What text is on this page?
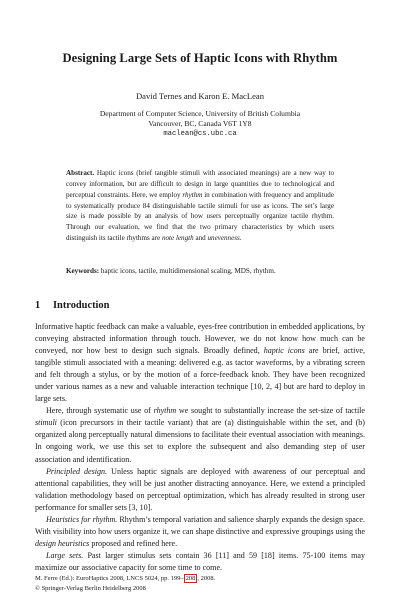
Designing Large Sets of Haptic Icons with Rhythm
David Ternes and Karon E. MacLean
Department of Computer Science, University of British Columbia
Vancouver, BC, Canada V6T 1Y8
maclean@cs.ubc.ca
Abstract. Haptic icons (brief tangible stimuli with associated meanings) are a new way to convey information, but are difficult to design in large quantities due to technological and perceptual constraints. Here, we employ rhythm in combination with frequency and amplitude to systematically produce 84 distinguishable tactile stimuli for use as icons. The set’s large size is made possible by an analysis of how users perceptually organize tactile rhythm. Through our evaluation, we find that the two primary characteristics by which users distinguish its tactile rhythms are note length and unevenness.
Keywords: haptic icons, tactile, multidimensional scaling, MDS, rhythm.
1 Introduction

Informative haptic feedback can make a valuable, eyes-free contribution in embedded applications, by conveying abstracted information through touch. However, we do not know how much can be conveyed, nor how best to design such signals. Broadly defined, haptic icons are brief, active, tangible stimuli associated with a meaning: delivered e.g. as tactor waveforms, by a vibrating screen and felt through a stylus, or by the motion of a force-feedback knob. They have been recognized under various names as a new and valuable interaction technique [10, 2, 4] but are hard to deploy in large sets.

Here, through systematic use of rhythm we sought to substantially increase the set-size of tactile stimuli (icon precursors in their tactile variant) that are (a) distinguishable within the set, and (b) organized along perceptually natural dimensions to facilitate their eventual association with meanings. In ongoing work, we use this set to explore the subsequent and also demanding step of user association and identification.

Principled design. Unless haptic signals are deployed with awareness of our perceptual and attentional capabilities, they will be just another distracting annoyance. Here, we extend a principled validation methodology based on perceptual optimization, which has already resulted in strong user performance for smaller sets [3, 10].

Heuristics for rhythm. Rhythm’s temporal variation and salience sharply expands the design space. With visibility into how users organize it, we can shape distinctive and expressive groupings using the design heuristics proposed and refined here.

Large sets. Past larger stimulus sets contain 36 [11] and 59 [18] items. 75-100 items may maximize our associative capacity for some time to come.

M. Ferre (Ed.): EuroHaptics 2008, LNCS 5024, pp. 199– 208 , 2008.
© Springer-Verlag Berlin Heidelberg 2008
